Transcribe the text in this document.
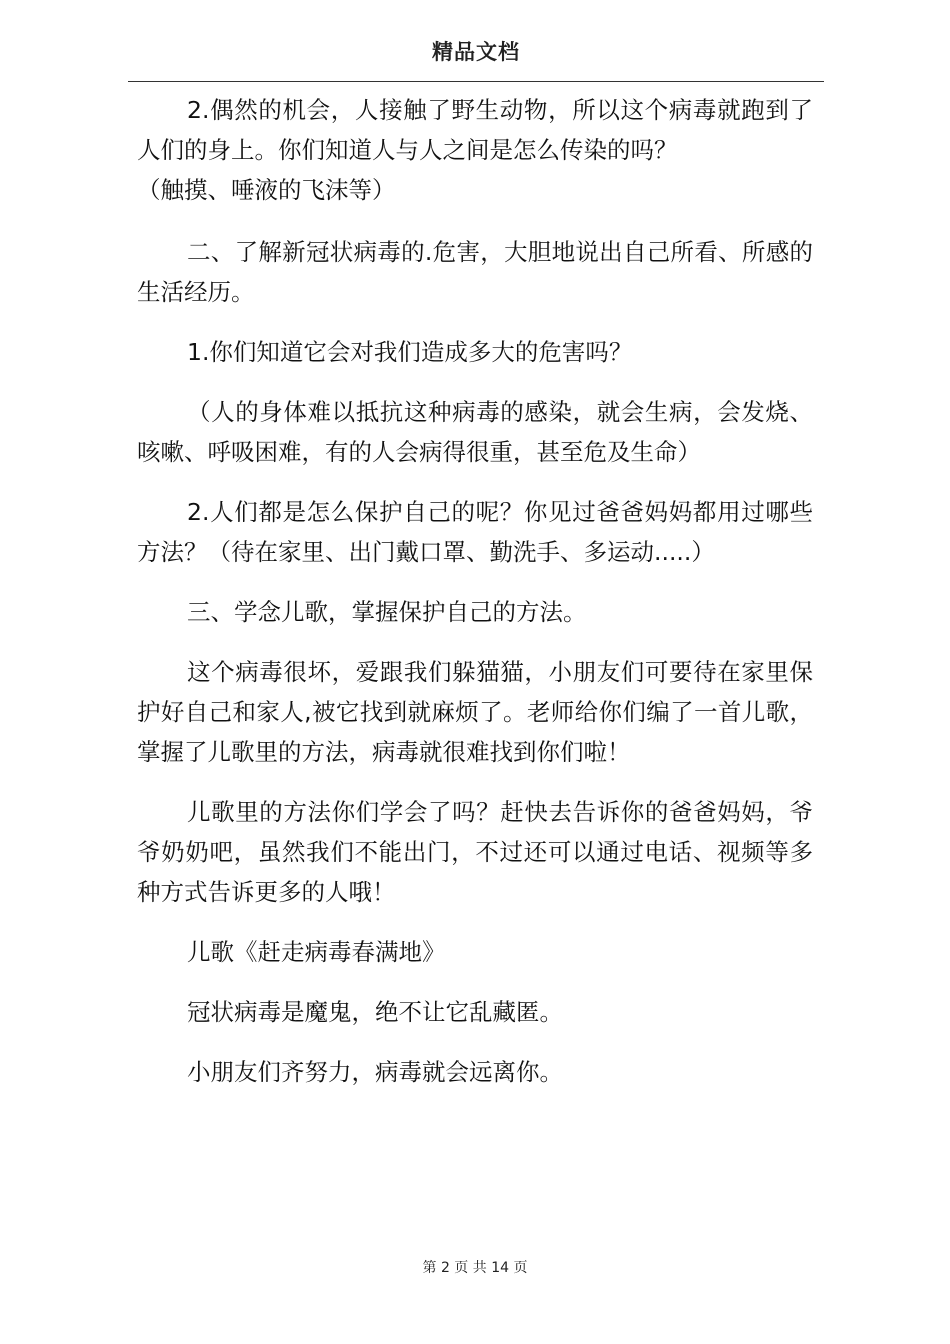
精品文档

2.偶然的机会，人接触了野生动物，所以这个病毒就跑到了人们的身上。你们知道人与人之间是怎么传染的吗？
（触摸、唾液的飞沫等）

二、了解新冠状病毒的.危害，大胆地说出自己所看、所感的生活经历。

1.你们知道它会对我们造成多大的危害吗？

（人的身体难以抵抗这种病毒的感染，就会生病，会发烧、咳嗽、呼吸困难，有的人会病得很重，甚至危及生命）

2.人们都是怎么保护自己的呢？你见过爸爸妈妈都用过哪些方法？（待在家里、出门戴口罩、勤洗手、多运动.....）

三、学念儿歌，掌握保护自己的方法。

这个病毒很坏，爱跟我们躲猫猫，小朋友们可要待在家里保护好自己和家人,被它找到就麻烦了。老师给你们编了一首儿歌，掌握了儿歌里的方法，病毒就很难找到你们啦！

儿歌里的方法你们学会了吗？赶快去告诉你的爸爸妈妈，爷爷奶奶吧，虽然我们不能出门，不过还可以通过电话、视频等多种方式告诉更多的人哦！

儿歌《赶走病毒春满地》

冠状病毒是魔鬼，绝不让它乱藏匿。

小朋友们齐努力，病毒就会远离你。

第 2 页 共 14 页
